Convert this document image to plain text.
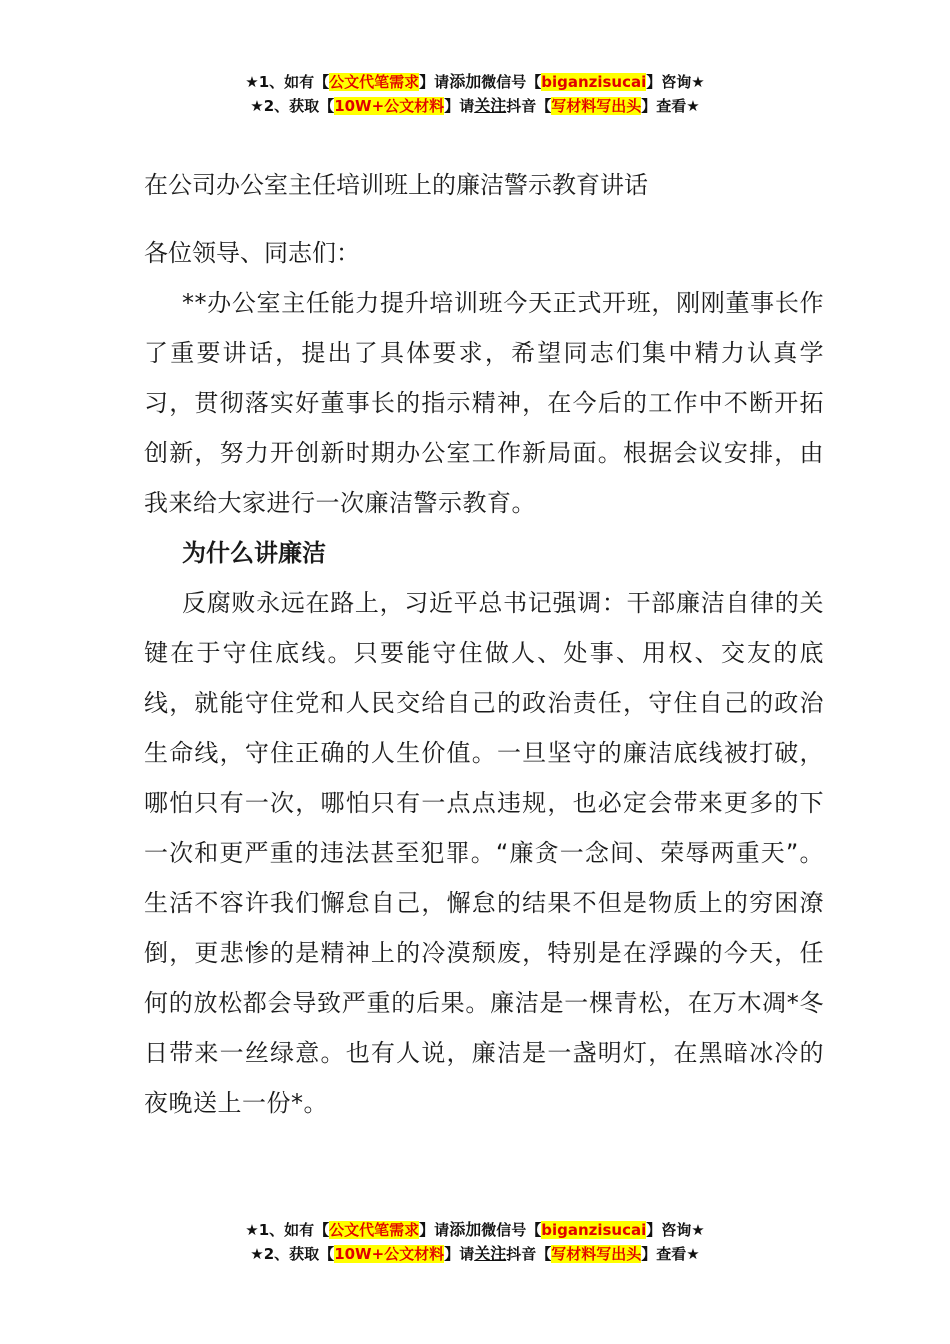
★1、如有【公文代笔需求】请添加微信号【biganzisucai】咨询★
★2、获取【10W+公文材料】请关注抖音【写材料写出头】查看★

在公司办公室主任培训班上的廉洁警示教育讲话

各位领导、同志们：

**办公室主任能力提升培训班今天正式开班，刚刚董事长作了重要讲话，提出了具体要求，希望同志们集中精力认真学习，贯彻落实好董事长的指示精神，在今后的工作中不断开拓创新，努力开创新时期办公室工作新局面。根据会议安排，由我来给大家进行一次廉洁警示教育。

为什么讲廉洁

反腐败永远在路上，习近平总书记强调：干部廉洁自律的关键在于守住底线。只要能守住做人、处事、用权、交友的底线，就能守住党和人民交给自己的政治责任，守住自己的政治生命线，守住正确的人生价值。一旦坚守的廉洁底线被打破，哪怕只有一次，哪怕只有一点点违规，也必定会带来更多的下一次和更严重的违法甚至犯罪。“廉贪一念间、荣辱两重天”。生活不容许我们懈怠自己，懈怠的结果不但是物质上的穷困潦倒，更悲惨的是精神上的冷漠颓废，特别是在浮躁的今天，任何的放松都会导致严重的后果。廉洁是一棵青松，在万木凋*冬日带来一丝绿意。也有人说，廉洁是一盏明灯，在黑暗冰冷的夜晚送上一份*。

★1、如有【公文代笔需求】请添加微信号【biganzisucai】咨询★
★2、获取【10W+公文材料】请关注抖音【写材料写出头】查看★
